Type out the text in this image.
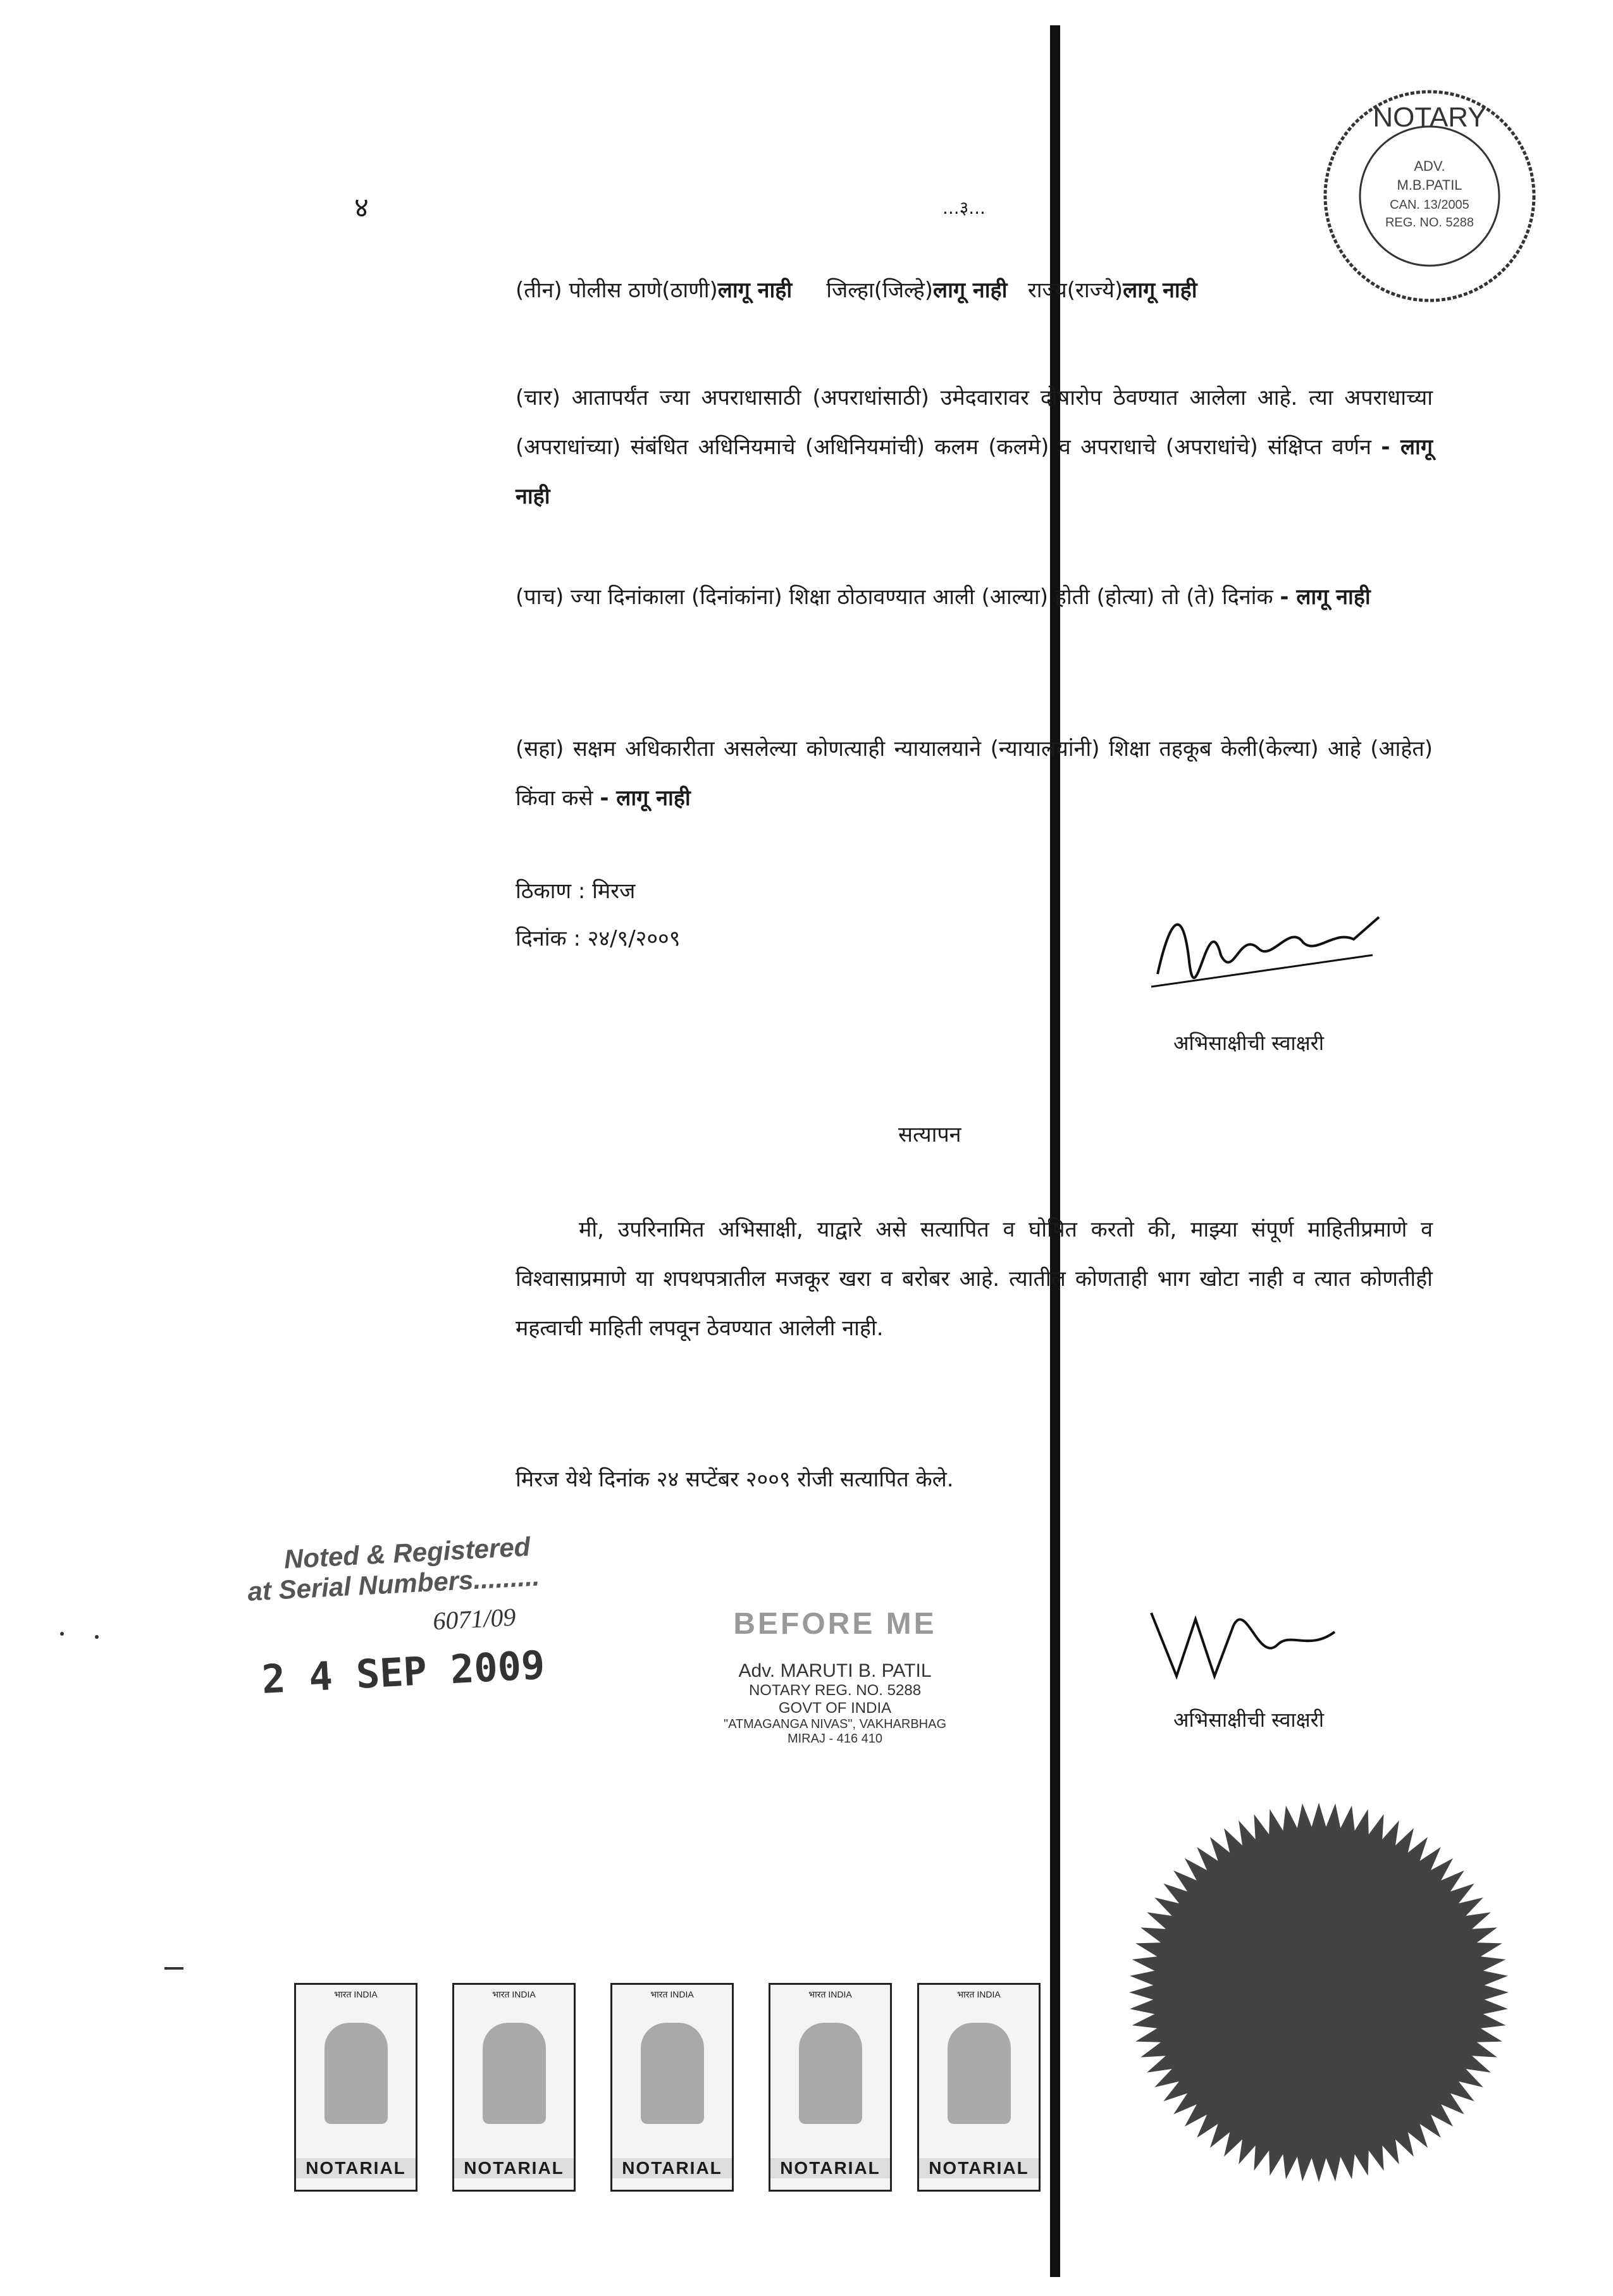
४	...३...
(तीन) पोलीस ठाणे(ठाणी)लागू नाही जिल्हा(जिल्हे)लागू नाही राज्य(राज्ये)लागू नाही
(चार) आतापर्यंत ज्या अपराधासाठी (अपराधांसाठी) उमेदवारावर दोषारोप ठेवण्यात आलेला आहे. त्या अपराधाच्या (अपराधांच्या) संबंधित अधिनियमाचे (अधिनियमांची) कलम (कलमे) व अपराधाचे (अपराधांचे) संक्षिप्त वर्णन - लागू नाही
(पाच) ज्या दिनांकाला (दिनांकांना) शिक्षा ठोठावण्यात आली (आल्या) होती (होत्या) तो (ते) दिनांक - लागू नाही
(सहा) सक्षम अधिकारीता असलेल्या कोणत्याही न्यायालयाने (न्यायालयांनी) शिक्षा तहकूब केली(केल्या) आहे (आहेत) किंवा कसे - लागू नाही
ठिकाण : मिरज
दिनांक : २४/९/२००९
अभिसाक्षीची स्वाक्षरी
सत्यापन
मी, उपरिनामित अभिसाक्षी, याद्वारे असे सत्यापित व घोषित करतो की, माझ्या संपूर्ण माहितीप्रमाणे व विश्वासाप्रमाणे या शपथपत्रातील मजकूर खरा व बरोबर आहे. त्यातील कोणताही भाग खोटा नाही व त्यात कोणतीही महत्वाची माहिती लपवून ठेवण्यात आलेली नाही.
मिरज येथे दिनांक २४ सप्टेंबर २००९ रोजी सत्यापित केले.
Noted & Registered
at Serial Numbers.........
6071/09
2 4 SEP 2009
BEFORE ME
Adv. MARUTI B. PATIL
NOTARY REG. NO. 5288
GOVT OF INDIA
"ATMAGANGA NIVAS", VAKHARBHAG
MIRAJ - 416 410
अभिसाक्षीची स्वाक्षरी
NOTARY
ADV.
M.B.PATIL
CAN. 13/2005
REG. NO. 5288
भारत INDIA
NOTARIAL
भारत INDIA
NOTARIAL
भारत INDIA
NOTARIAL
भारत INDIA
NOTARIAL
भारत INDIA
NOTARIAL
